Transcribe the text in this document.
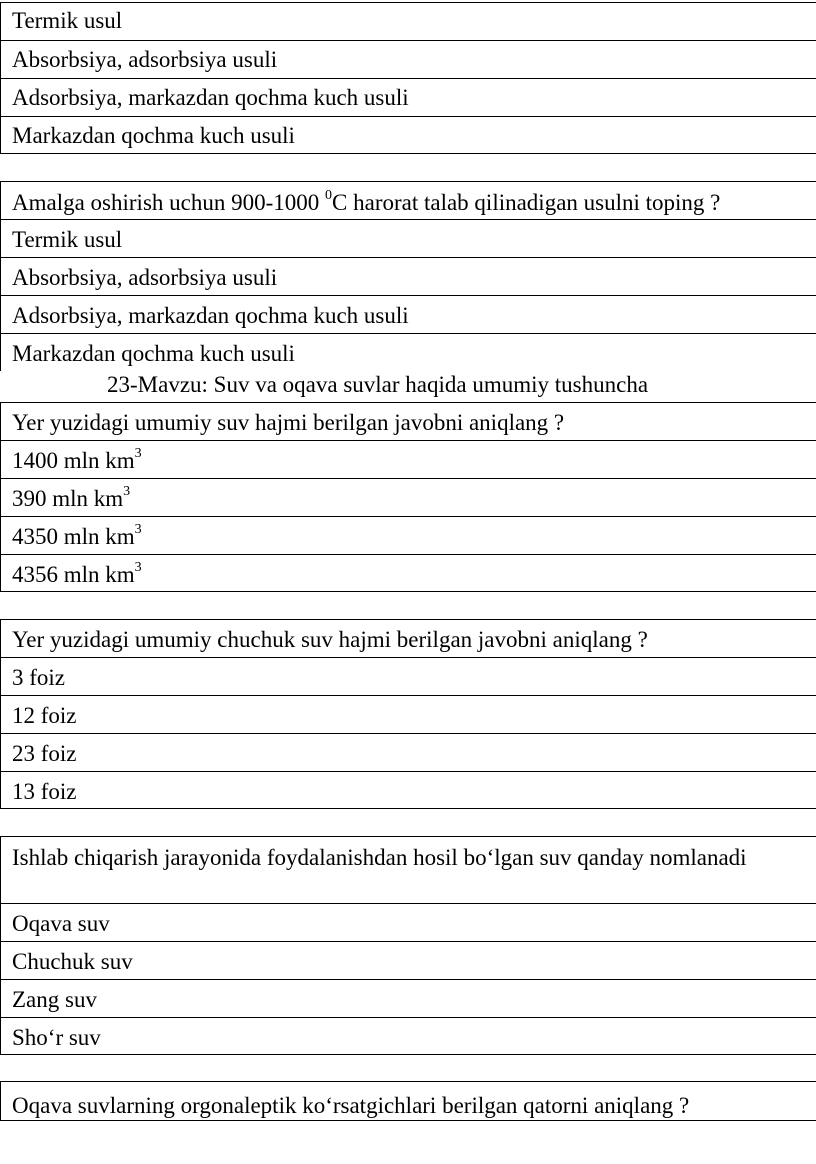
Termik usul
Absorbsiya, adsorbsiya usuli
Adsorbsiya, markazdan qochma kuch usuli
Markazdan qochma kuch usuli
Amalga oshirish uchun 900-1000 $^0$C harorat talab qilinadigan usulni toping ?
Termik usul
Absorbsiya, adsorbsiya usuli
Adsorbsiya, markazdan qochma kuch usuli
Markazdan qochma kuch usuli
23-Mavzu: Suv va oqava suvlar haqida umumiy tushuncha
Yer yuzidagi umumiy suv hajmi berilgan javobni aniqlang ?
1400 mln $km^3$
390 mln $km^3$
4350 mln $km^3$
4356 mln $km^3$
Yer yuzidagi umumiy chuchuk suv hajmi berilgan javobni aniqlang ?
3 foiz
12 foiz
23 foiz
13 foiz
Ishlab chiqarish jarayonida foydalanishdan hosil bo‘lgan suv qanday nomlanadi
Oqava suv
Chuchuk suv
Zang suv
Sho‘r suv
Oqava suvlarning orgonaleptik ko‘rsatgichlari berilgan qatorni aniqlang ?
